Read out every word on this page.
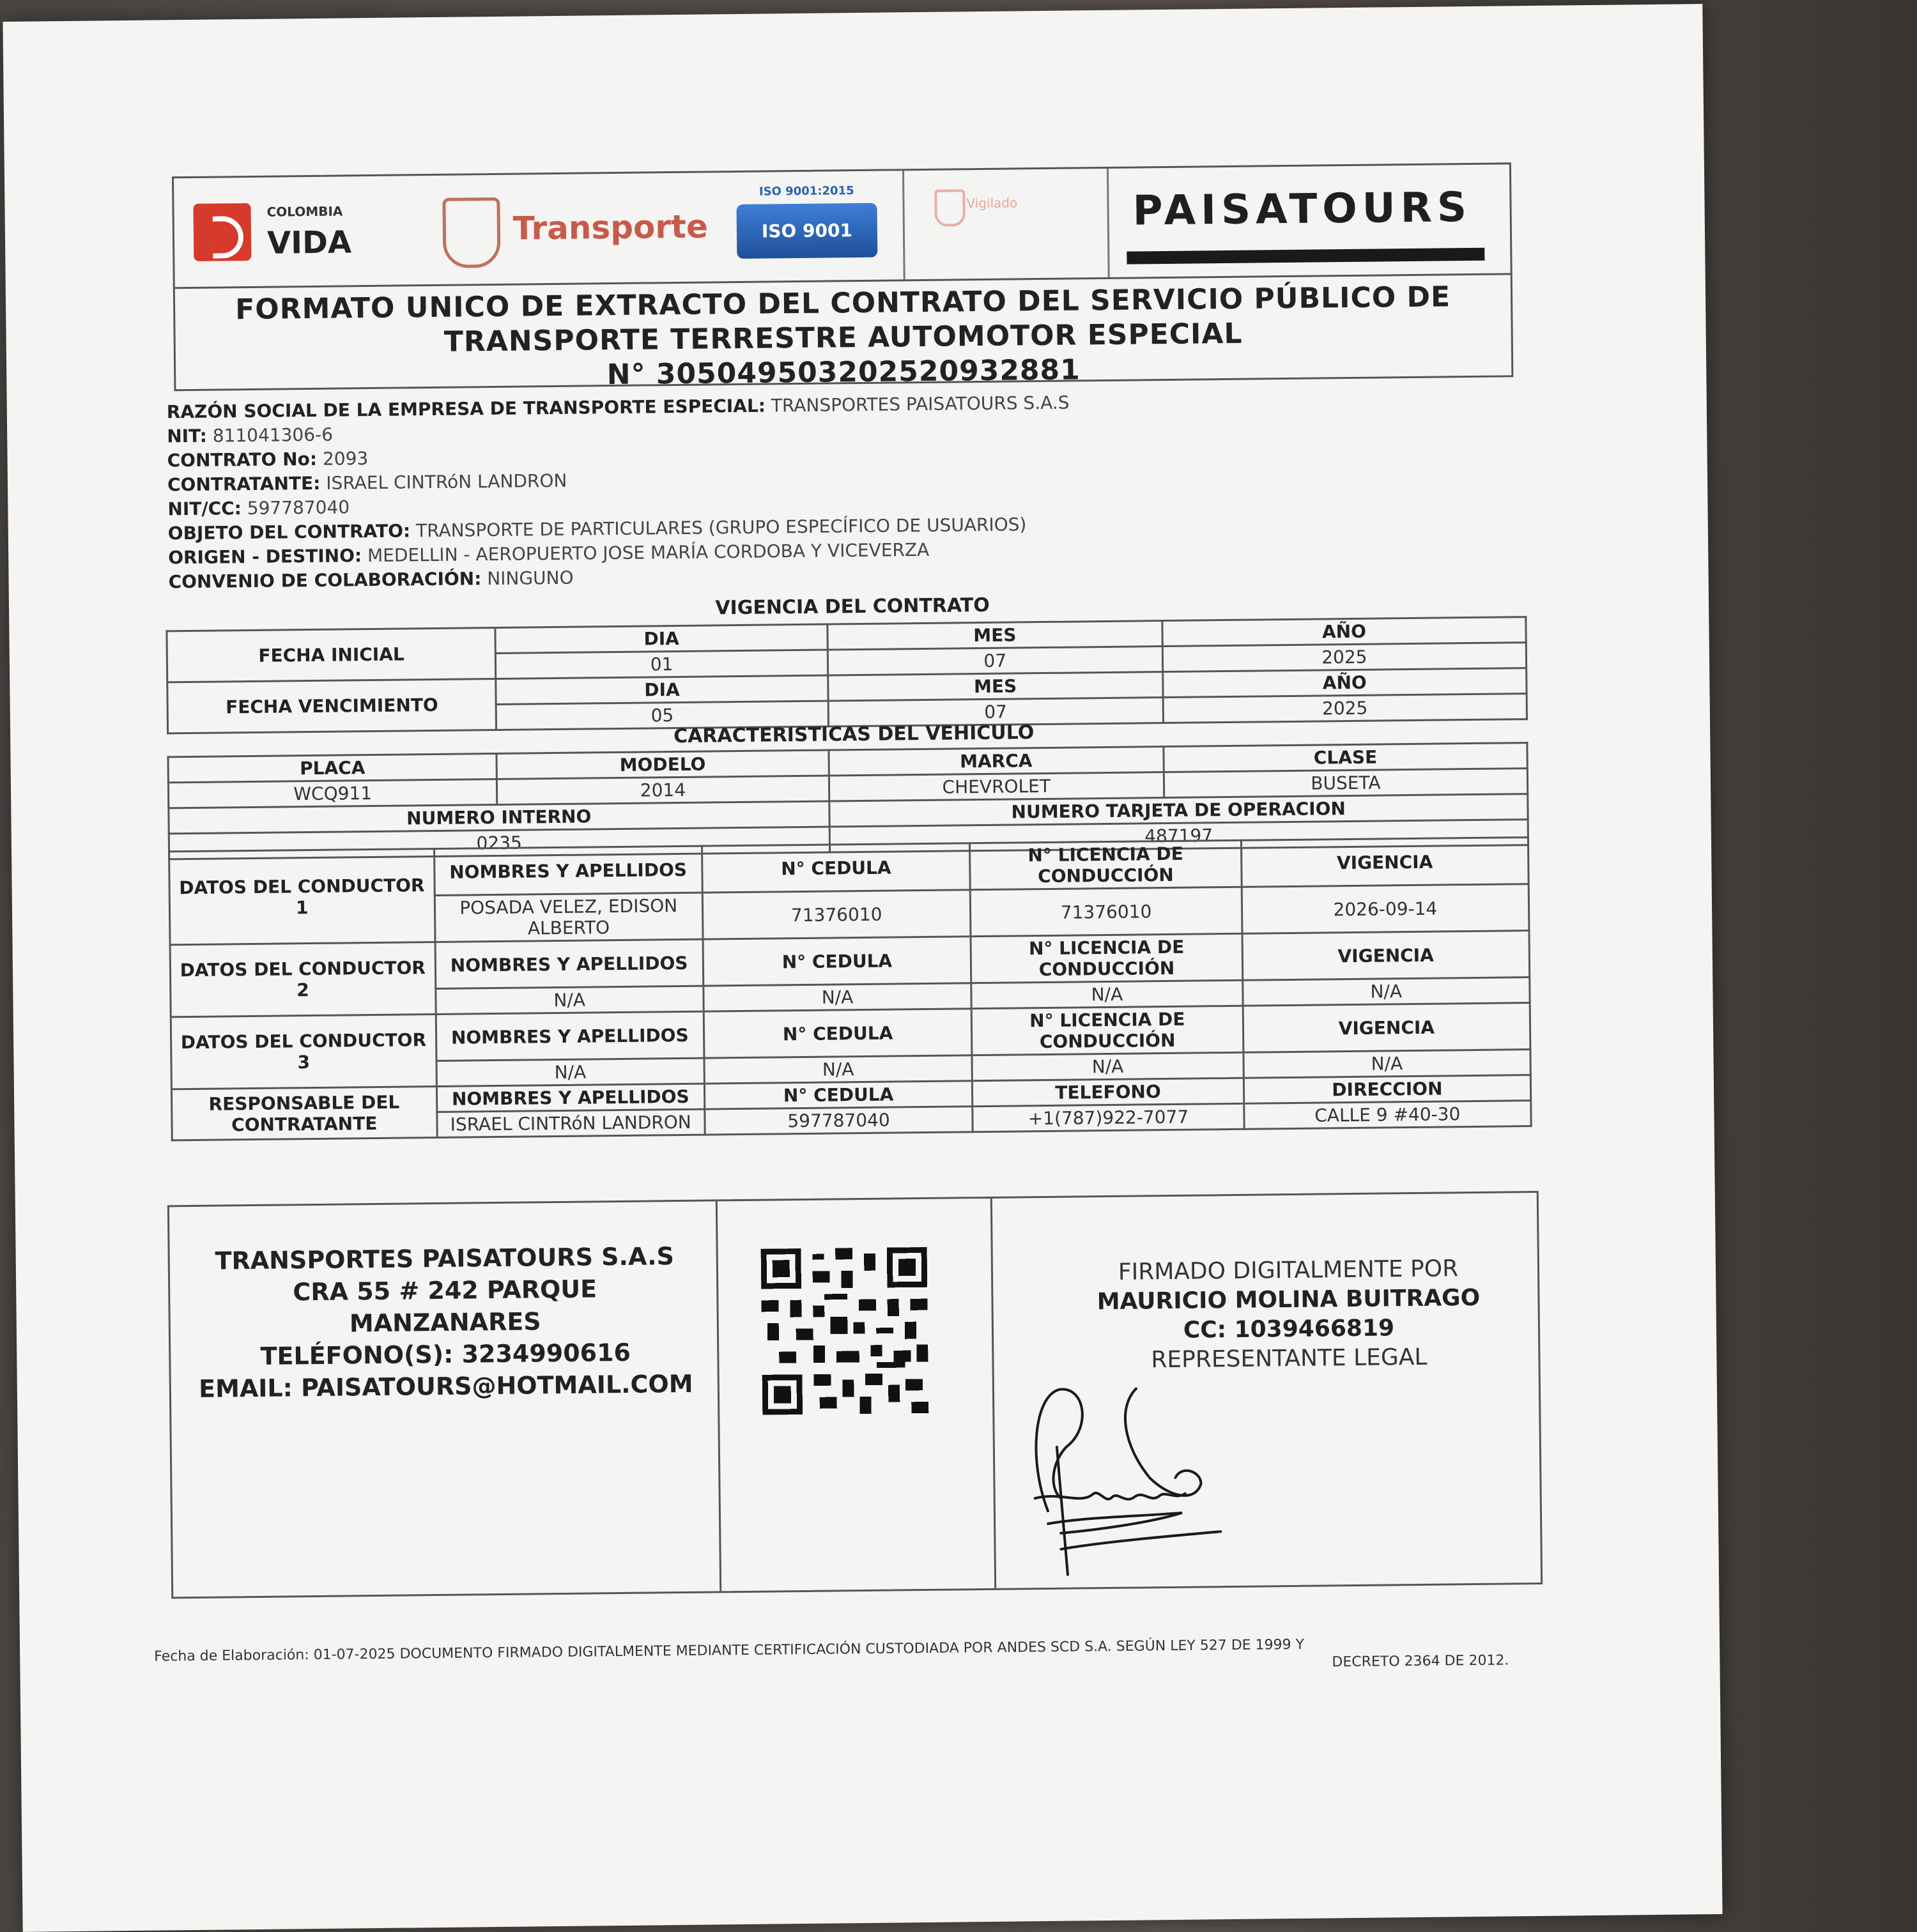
COLOMBIA
VIDA	Transporte
ISO 9001:2015
ISO 9001
Vigilado	PAISATOURS
FORMATO UNICO DE EXTRACTO DEL CONTRATO DEL SERVICIO PÚBLICO DE
TRANSPORTE TERRESTRE AUTOMOTOR ESPECIAL
N° 305049503202520932881
RAZÓN SOCIAL DE LA EMPRESA DE TRANSPORTE ESPECIAL: TRANSPORTES PAISATOURS S.A.S
NIT: 811041306-6
CONTRATO No: 2093
CONTRATANTE: ISRAEL CINTRóN LANDRON
NIT/CC: 597787040
OBJETO DEL CONTRATO: TRANSPORTE DE PARTICULARES (GRUPO ESPECÍFICO DE USUARIOS)
ORIGEN - DESTINO: MEDELLIN - AEROPUERTO JOSE MARÍA CORDOBA Y VICEVERZA
CONVENIO DE COLABORACIÓN: NINGUNO
VIGENCIA DEL CONTRATO
FECHA INICIAL	DIA	MES	AÑO
	01	07	2025
FECHA VENCIMIENTO	DIA	MES	AÑO
	05	07	2025
CARACTERISTICAS DEL VEHICULO
PLACA	MODELO	MARCA	CLASE
WCQ911	2014	CHEVROLET	BUSETA
NUMERO INTERNO		NUMERO TARJETA DE OPERACION	
0235		487197	
DATOS DEL CONDUCTOR 1	NOMBRES Y APELLIDOS	N° CEDULA	N° LICENCIA DE CONDUCCIÓN	VIGENCIA
	POSADA VELEZ, EDISON ALBERTO	71376010	71376010	2026-09-14
DATOS DEL CONDUCTOR 2	NOMBRES Y APELLIDOS	N° CEDULA	N° LICENCIA DE CONDUCCIÓN	VIGENCIA
	N/A	N/A	N/A	N/A
DATOS DEL CONDUCTOR 3	NOMBRES Y APELLIDOS	N° CEDULA	N° LICENCIA DE CONDUCCIÓN	VIGENCIA
	N/A	N/A	N/A	N/A
RESPONSABLE DEL CONTRATANTE	NOMBRES Y APELLIDOS	N° CEDULA	TELEFONO	DIRECCION
	ISRAEL CINTRóN LANDRON	597787040	+1(787)922-7077	CALLE 9 #40-30
TRANSPORTES PAISATOURS S.A.S
CRA 55 # 242 PARQUE MANZANARES
TELÉFONO(S): 3234990616
EMAIL: PAISATOURS@HOTMAIL.COM
FIRMADO DIGITALMENTE POR
MAURICIO MOLINA BUITRAGO
CC: 1039466819
REPRESENTANTE LEGAL
Fecha de Elaboración: 01-07-2025 DOCUMENTO FIRMADO DIGITALMENTE MEDIANTE CERTIFICACIÓN CUSTODIADA POR ANDES SCD S.A. SEGÚN LEY 527 DE 1999 Y	DECRETO 2364 DE 2012.
